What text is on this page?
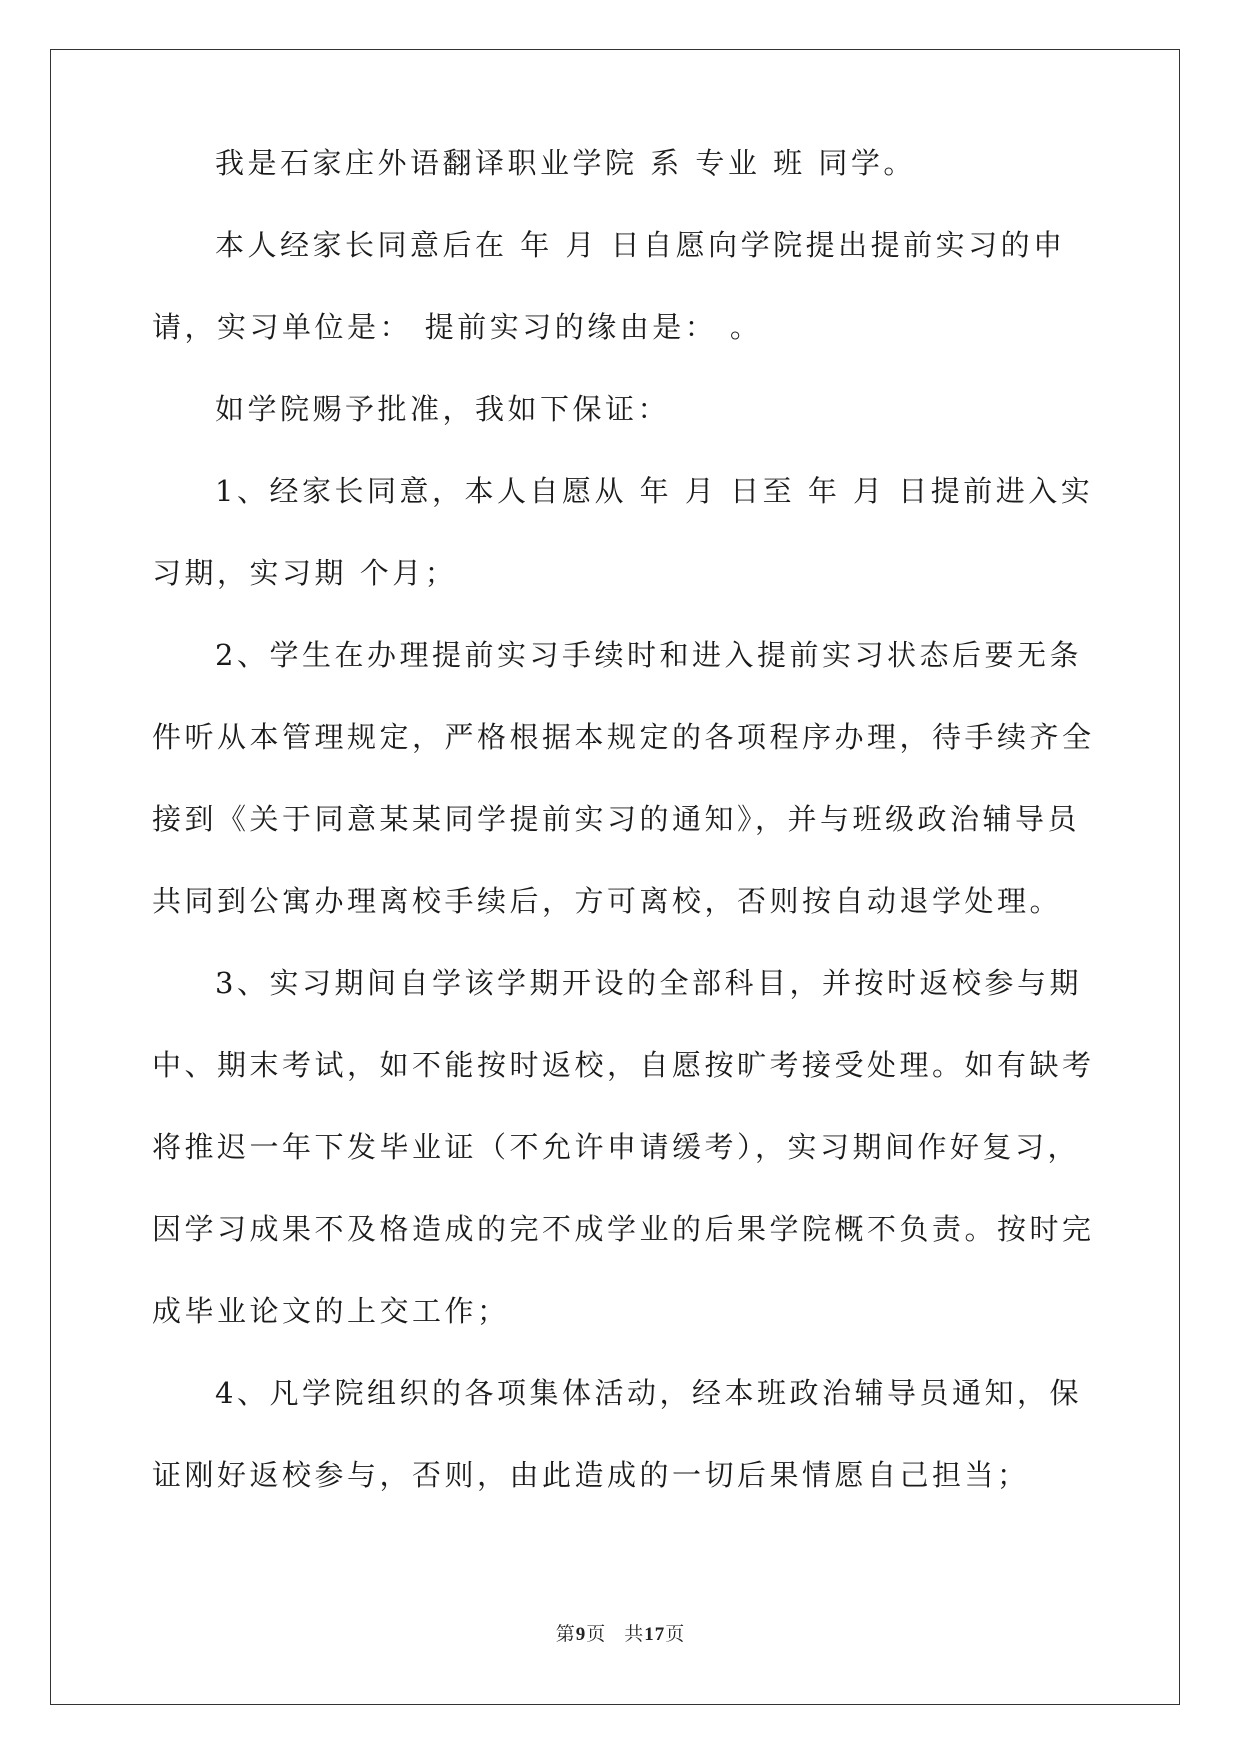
我是石家庄外语翻译职业学院 系 专业 班 同学。

本人经家长同意后在 年 月 日自愿向学院提出提前实习的申请，实习单位是： 提前实习的缘由是： 。

如学院赐予批准，我如下保证：

1、经家长同意，本人自愿从 年 月 日至 年 月 日提前进入实习期，实习期 个月；

2、学生在办理提前实习手续时和进入提前实习状态后要无条件听从本管理规定，严格根据本规定的各项程序办理，待手续齐全接到《关于同意某某同学提前实习的通知》，并与班级政治辅导员共同到公寓办理离校手续后，方可离校，否则按自动退学处理。

3、实习期间自学该学期开设的全部科目，并按时返校参与期中、期末考试，如不能按时返校，自愿按旷考接受处理。如有缺考将推迟一年下发毕业证（不允许申请缓考），实习期间作好复习，因学习成果不及格造成的完不成学业的后果学院概不负责。按时完成毕业论文的上交工作；

4、凡学院组织的各项集体活动，经本班政治辅导员通知，保证刚好返校参与，否则，由此造成的一切后果情愿自己担当；

第9页 共17页
